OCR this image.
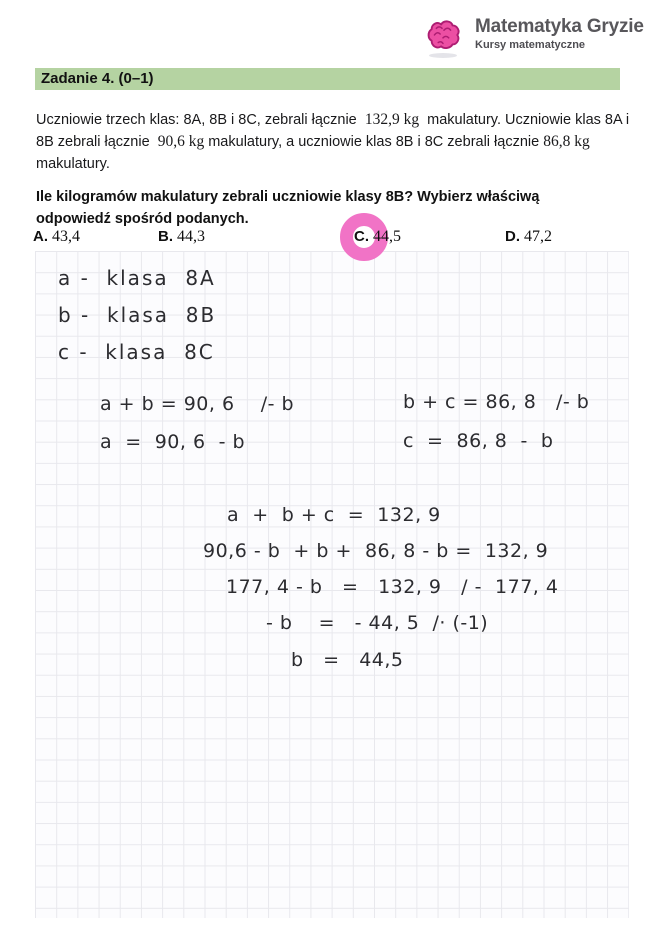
Matematyka Gryzie
Kursy matematyczne
Zadanie 4. (0–1)

Uczniowie trzech klas: 8A, 8B i 8C, zebrali łącznie  132,9 kg  makulatury. Uczniowie klas 8A i 8B zebrali łącznie  90,6 kg makulatury, a uczniowie klas 8B i 8C zebrali łącznie 86,8 kg makulatury.

Ile kilogramów makulatury zebrali uczniowie klasy 8B? Wybierz właściwą odpowiedź spośród podanych.

A. 43,4	B. 44,3	C. 44,5	D. 47,2
a -  klasa  8A
b -  klasa  8B
c -  klasa  8C
a + b = 90, 6    /- b
a  =  90, 6  - b
b + c = 86, 8   /- b
c  =  86, 8  -  b
a  +  b + c  =  132, 9
90,6 - b  + b +  86, 8 - b =  132, 9
177, 4 - b   =   132, 9   / -  177, 4
- b    =   - 44, 5  /· (-1)
b   =   44,5
